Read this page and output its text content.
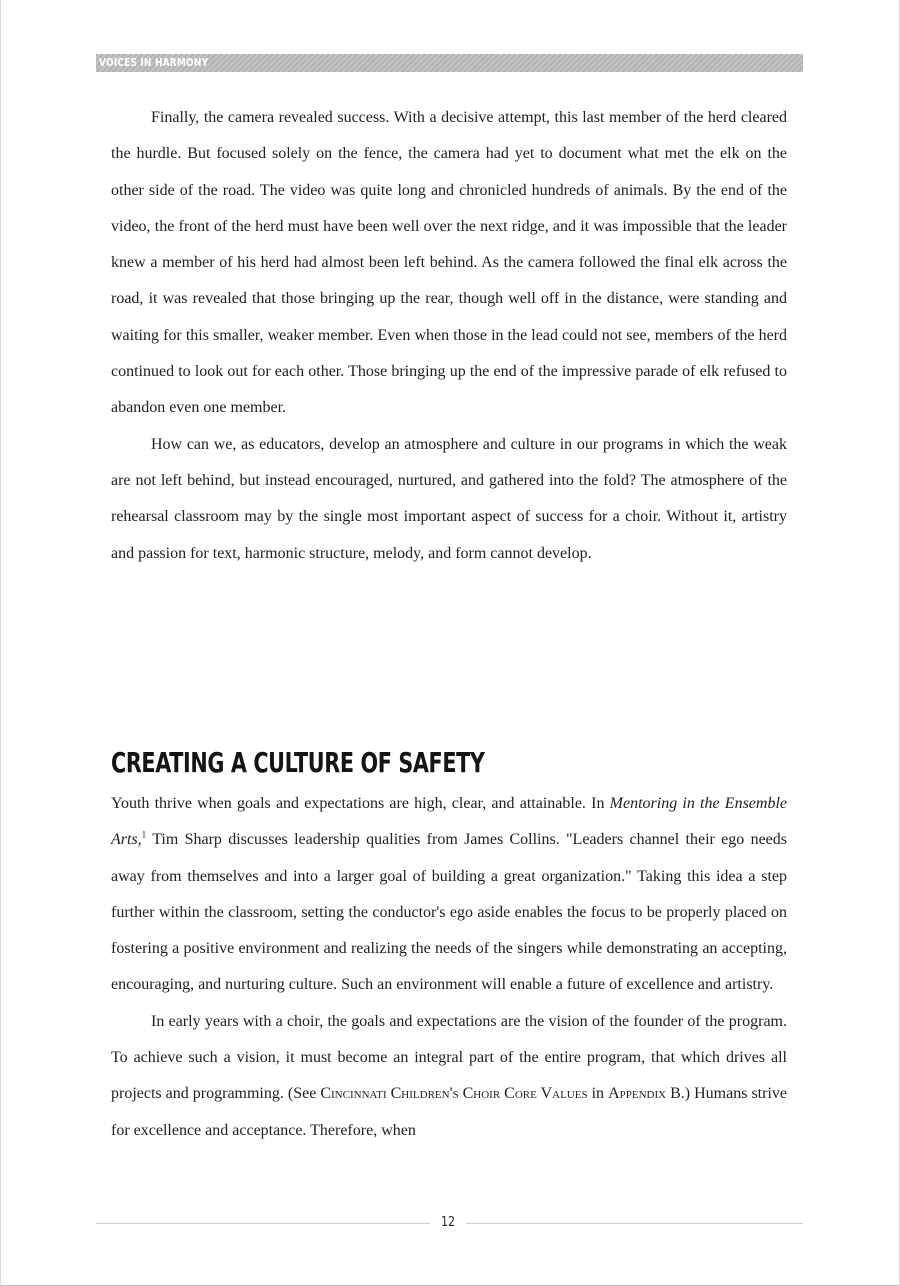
VOICES IN HARMONY

Finally, the camera revealed success. With a decisive attempt, this last member of the herd cleared the hurdle. But focused solely on the fence, the camera had yet to document what met the elk on the other side of the road. The video was quite long and chronicled hundreds of animals. By the end of the video, the front of the herd must have been well over the next ridge, and it was impossible that the leader knew a member of his herd had almost been left behind. As the camera followed the final elk across the road, it was revealed that those bringing up the rear, though well off in the distance, were standing and waiting for this smaller, weaker member. Even when those in the lead could not see, members of the herd continued to look out for each other. Those bringing up the end of the impressive parade of elk refused to abandon even one member.

How can we, as educators, develop an atmosphere and culture in our programs in which the weak are not left behind, but instead encouraged, nurtured, and gathered into the fold? The atmosphere of the rehearsal classroom may by the single most important aspect of success for a choir. Without it, artistry and passion for text, harmonic structure, melody, and form cannot develop.

CREATING A CULTURE OF SAFETY

Youth thrive when goals and expectations are high, clear, and attainable. In Mentoring in the Ensemble Arts,$^1$ Tim Sharp discusses leadership qualities from James Collins. "Leaders channel their ego needs away from themselves and into a larger goal of building a great organization." Taking this idea a step further within the classroom, setting the conductor's ego aside enables the focus to be properly placed on fostering a positive environment and realizing the needs of the singers while demonstrating an accepting, encouraging, and nurturing culture. Such an environment will enable a future of excellence and artistry.

In early years with a choir, the goals and expectations are the vision of the founder of the program. To achieve such a vision, it must become an integral part of the entire program, that which drives all projects and programming. (See Cincinnati Children's Choir Core Values in Appendix B.) Humans strive for excellence and acceptance. Therefore, when

12
